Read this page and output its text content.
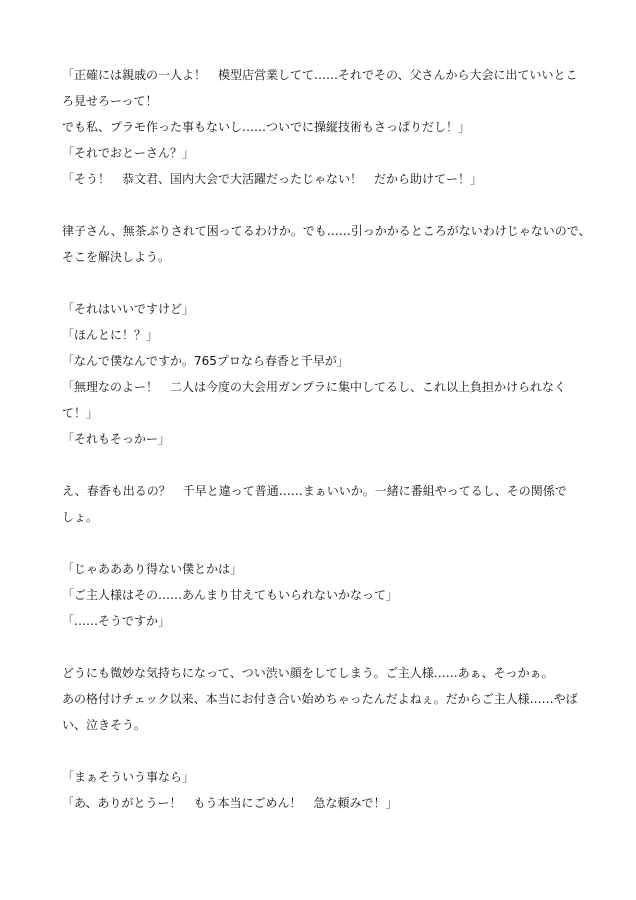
「正確には親戚の一人よ！　模型店営業してて……それでその、父さんから大会に出ていいとこ
ろ見せろーって！
でも私、プラモ作った事もないし……ついでに操縦技術もさっぱりだし！」
「それでおとーさん？」
「そう！　恭文君、国内大会で大活躍だったじゃない！　だから助けてー！」
律子さん、無茶ぶりされて困ってるわけか。でも……引っかかるところがないわけじゃないので、
そこを解決しよう。
「それはいいですけど」
「ほんとに！？」
「なんで僕なんですか。765プロなら春香と千早が」
「無理なのよー！　二人は今度の大会用ガンプラに集中してるし、これ以上負担かけられなく
て！」
「それもそっかー」
え、春香も出るの？　千早と違って普通……まぁいいか。一緒に番組やってるし、その関係で
しょ。
「じゃあああり得ない僕とかは」
「ご主人様はその……あんまり甘えてもいられないかなって」
「……そうですか」
どうにも微妙な気持ちになって、つい渋い顔をしてしまう。ご主人様……あぁ、そっかぁ。
あの格付けチェック以来、本当にお付き合い始めちゃったんだよねぇ。だからご主人様……やば
い、泣きそう。
「まぁそういう事なら」
「あ、ありがとうー！　もう本当にごめん！　急な頼みで！」
